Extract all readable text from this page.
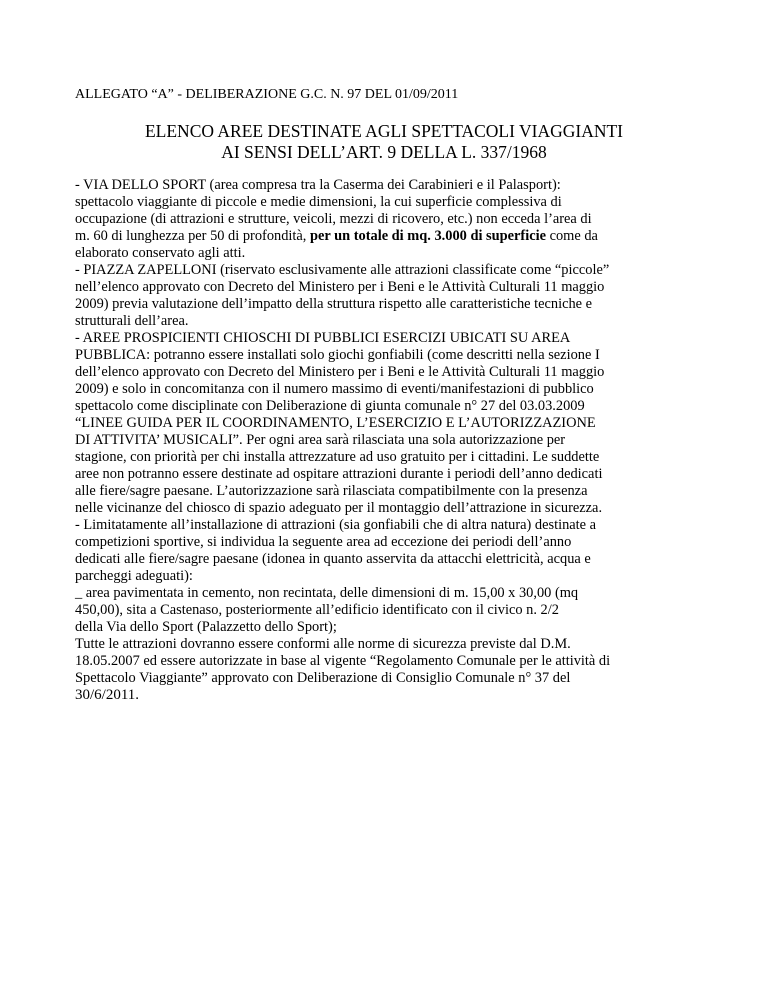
ALLEGATO “A” - DELIBERAZIONE G.C. N. 97 DEL 01/09/2011
ELENCO AREE DESTINATE AGLI SPETTACOLI VIAGGIANTI
AI SENSI DELL’ART. 9 DELLA L. 337/1968
- VIA DELLO SPORT (area compresa tra la Caserma dei Carabinieri e il Palasport):
spettacolo viaggiante di piccole e medie dimensioni, la cui superficie complessiva di
occupazione (di attrazioni e strutture, veicoli, mezzi di ricovero, etc.) non ecceda l’area di
m. 60 di lunghezza per 50 di profondità, per un totale di mq. 3.000 di superficie come da
elaborato conservato agli atti.
- PIAZZA ZAPELLONI (riservato esclusivamente alle attrazioni classificate come “piccole”
nell’elenco approvato con Decreto del Ministero per i Beni e le Attività Culturali 11 maggio
2009) previa valutazione dell’impatto della struttura rispetto alle caratteristiche tecniche e
strutturali dell’area.
- AREE PROSPICIENTI CHIOSCHI DI PUBBLICI ESERCIZI UBICATI SU AREA
PUBBLICA: potranno essere installati solo giochi gonfiabili (come descritti nella sezione I
dell’elenco approvato con Decreto del Ministero per i Beni e le Attività Culturali 11 maggio
2009) e solo in concomitanza con il numero massimo di eventi/manifestazioni di pubblico
spettacolo come disciplinate con Deliberazione di giunta comunale n° 27 del 03.03.2009
“LINEE GUIDA PER IL COORDINAMENTO, L’ESERCIZIO E L’AUTORIZZAZIONE
DI ATTIVITA’ MUSICALI”. Per ogni area sarà rilasciata una sola autorizzazione per
stagione, con priorità per chi installa attrezzature ad uso gratuito per i cittadini. Le suddette
aree non potranno essere destinate ad ospitare attrazioni durante i periodi dell’anno dedicati
alle fiere/sagre paesane. L’autorizzazione sarà rilasciata compatibilmente con la presenza
nelle vicinanze del chiosco di spazio adeguato per il montaggio dell’attrazione in sicurezza.
- Limitatamente all’installazione di attrazioni (sia gonfiabili che di altra natura) destinate a
competizioni sportive, si individua la seguente area ad eccezione dei periodi dell’anno
dedicati alle fiere/sagre paesane (idonea in quanto asservita da attacchi elettricità, acqua e
parcheggi adeguati):
_ area pavimentata in cemento, non recintata, delle dimensioni di m. 15,00 x 30,00 (mq
450,00), sita a Castenaso, posteriormente all’edificio identificato con il civico n. 2/2
della Via dello Sport (Palazzetto dello Sport);
Tutte le attrazioni dovranno essere conformi alle norme di sicurezza previste dal D.M.
18.05.2007 ed essere autorizzate in base al vigente “Regolamento Comunale per le attività di
Spettacolo Viaggiante” approvato con Deliberazione di Consiglio Comunale n° 37 del
30/6/2011.
